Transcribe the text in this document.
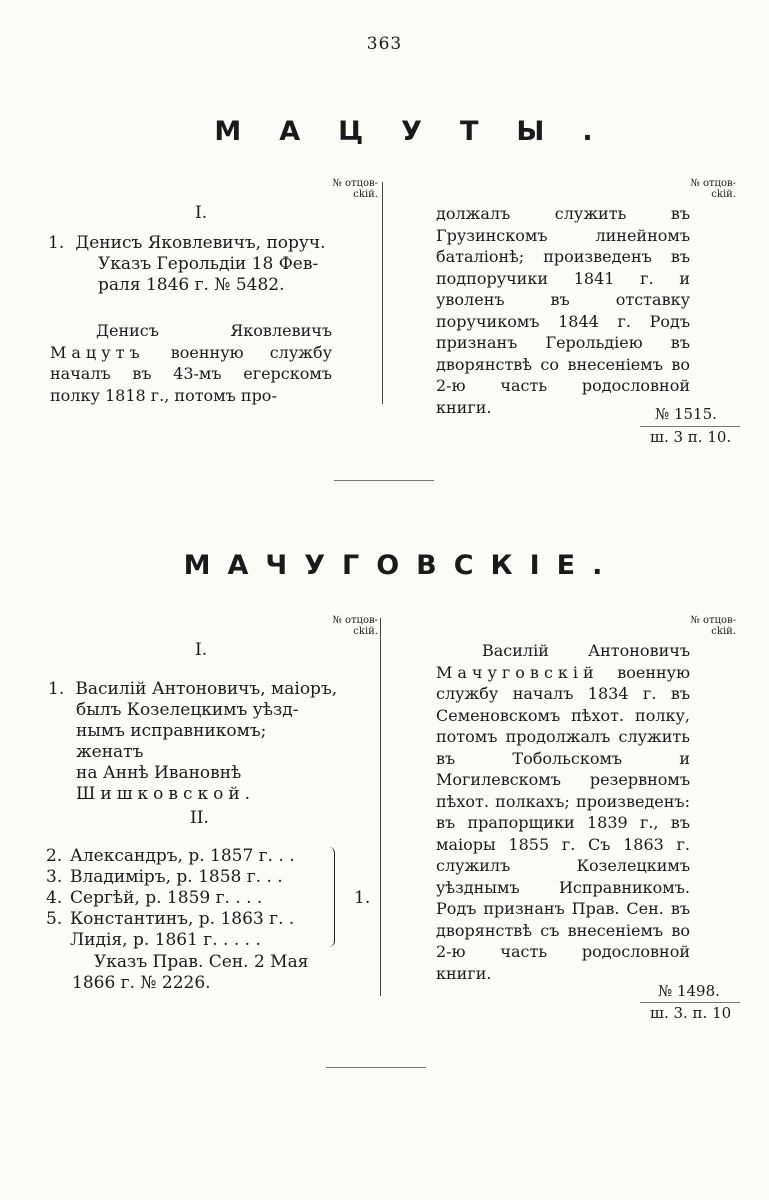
363
МАЦУТЫ.
№ отцов-ckiй.
№ отцов-ckiй.
I.

1. Денисъ Яковлевичъ, поруч.

Указъ Герольдiи 18 Фев-

раля 1846 г. № 5482.

Денисъ Яковлевичъ Мацутъ военную службу началъ въ 43-мъ егерскомъ полку 1818 г., потомъ про-

должалъ служить въ Грузинскомъ линейномъ баталiонѣ; произведенъ въ подпоручики 1841 г. и уволенъ въ отставку поручикомъ 1844 г. Родъ признанъ Герольдiею въ дворянствѣ со внесенiемъ во 2-ю часть родословной книги.	№ 1515.
ш. 3 п. 10.
МАЧУГОВСКIЕ.
№ отцов-ckiй.
№ отцов-ckiй.
I.

1. Василiй Антоновичъ, маiоръ,

былъ Козелецкимъ уѣзд-

нымъ исправникомъ; женатъ

на Аннѣ Ивановнѣ Шишковской.

II.
2. Александръ, р. 1857 г. . .
3. Владимiръ, р. 1858 г. . .
4. Сергѣй, р. 1859 г. . . .
5. Константинъ, р. 1863 г. .
Лидiя, р. 1861 г. . . . .
1.

Указъ Прав. Сен. 2 Мая

1866 г. № 2226.

Василiй Антоновичъ Мачуговскiй военную службу началъ 1834 г. въ Семеновскомъ пѣхот. полку, потомъ продолжалъ служить въ Тобольскомъ и Могилевскомъ резервномъ пѣхот. полкахъ; произведенъ: въ прапорщики 1839 г., въ маiоры 1855 г. Съ 1863 г. служилъ Козелецкимъ уѣзднымъ Исправникомъ. Родъ признанъ Прав. Сен. въ дворянствѣ съ внесенiемъ во 2-ю часть родословной книги.

№ 1498.
ш. 3. п. 10
